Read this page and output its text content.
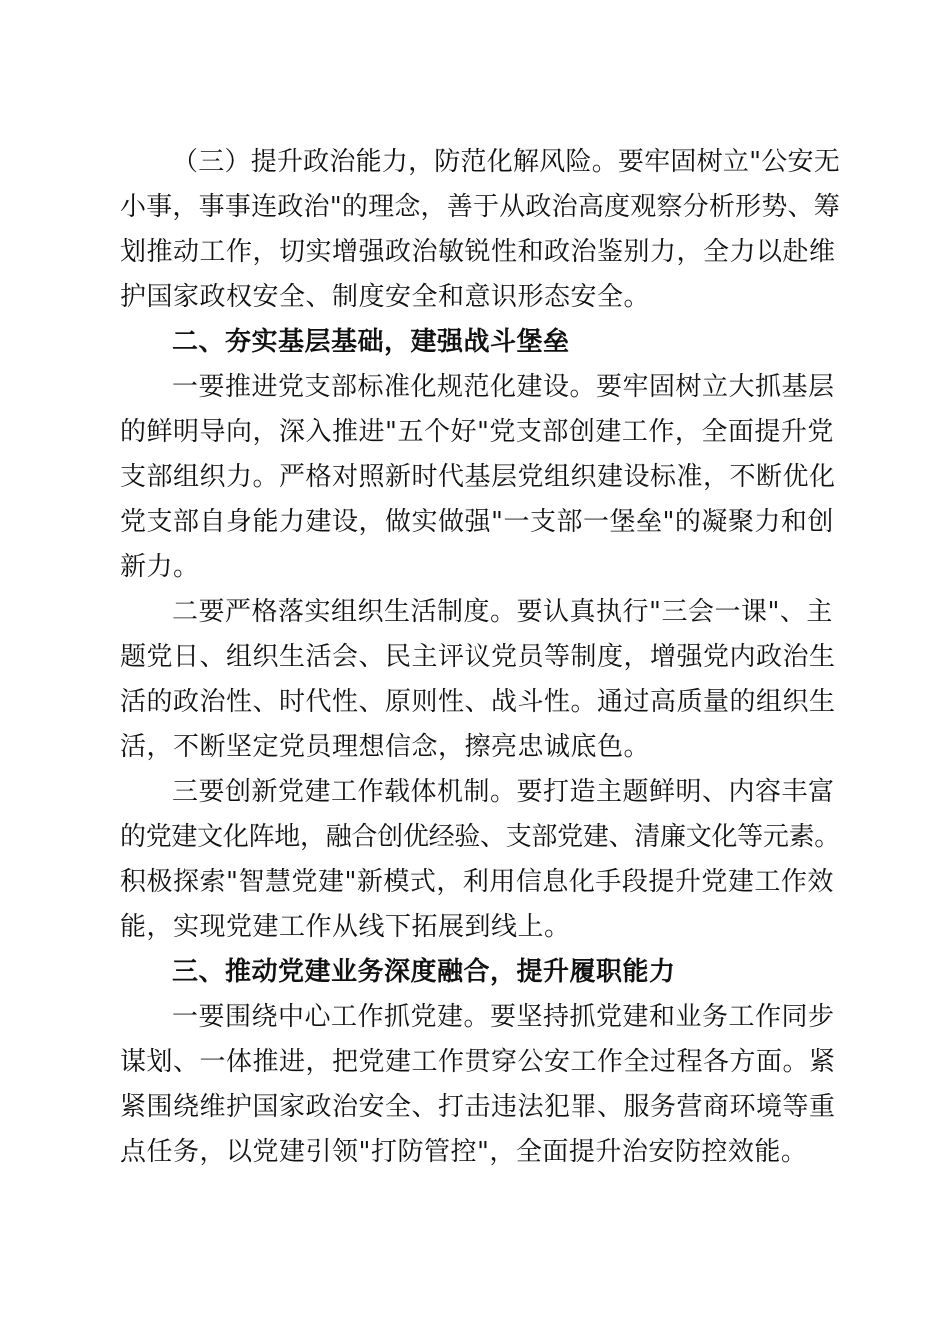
（三）提升政治能力，防范化解风险。要牢固树立"公安无
小事，事事连政治"的理念，善于从政治高度观察分析形势、筹
划推动工作，切实增强政治敏锐性和政治鉴别力，全力以赴维
护国家政权安全、制度安全和意识形态安全。
二、夯实基层基础，建强战斗堡垒
一要推进党支部标准化规范化建设。要牢固树立大抓基层
的鲜明导向，深入推进"五个好"党支部创建工作，全面提升党
支部组织力。严格对照新时代基层党组织建设标准，不断优化
党支部自身能力建设，做实做强"一支部一堡垒"的凝聚力和创
新力。
二要严格落实组织生活制度。要认真执行"三会一课"、主
题党日、组织生活会、民主评议党员等制度，增强党内政治生
活的政治性、时代性、原则性、战斗性。通过高质量的组织生
活，不断坚定党员理想信念，擦亮忠诚底色。
三要创新党建工作载体机制。要打造主题鲜明、内容丰富
的党建文化阵地，融合创优经验、支部党建、清廉文化等元素。
积极探索"智慧党建"新模式，利用信息化手段提升党建工作效
能，实现党建工作从线下拓展到线上。
三、推动党建业务深度融合，提升履职能力
一要围绕中心工作抓党建。要坚持抓党建和业务工作同步
谋划、一体推进，把党建工作贯穿公安工作全过程各方面。紧
紧围绕维护国家政治安全、打击违法犯罪、服务营商环境等重
点任务，以党建引领"打防管控"，全面提升治安防控效能。
